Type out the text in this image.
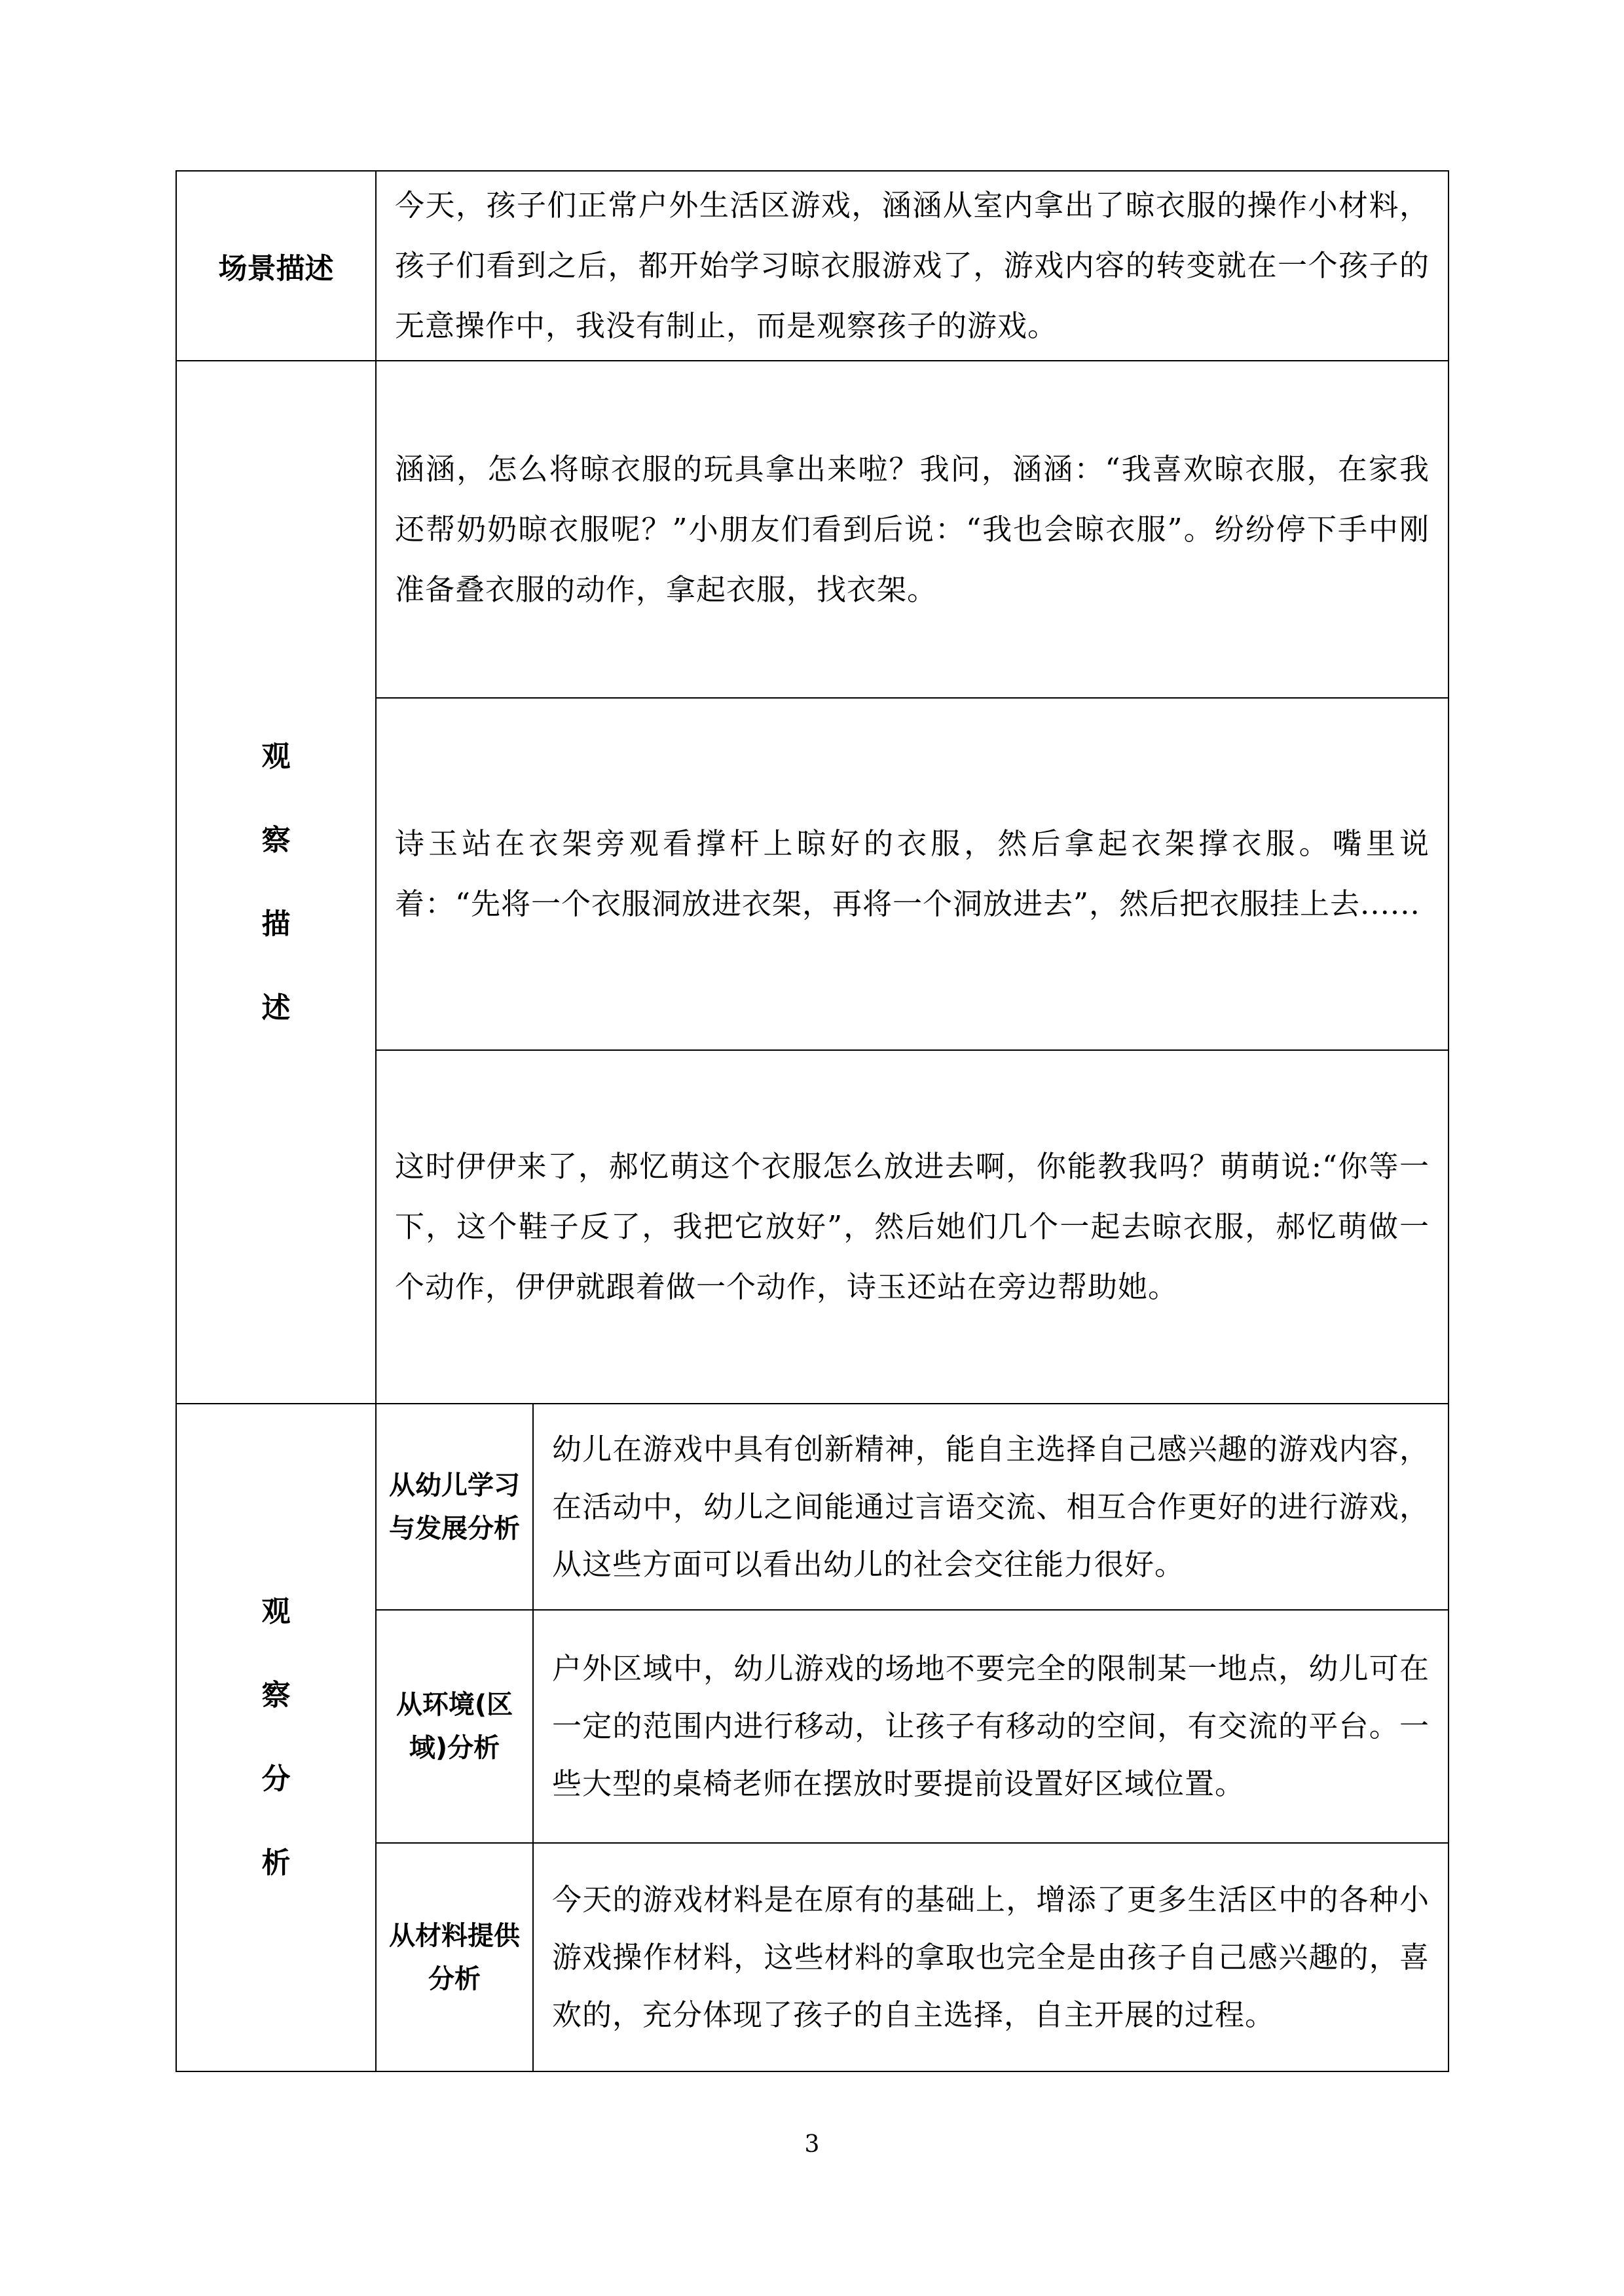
场景描述

今天，孩子们正常户外生活区游戏，涵涵从室内拿出了晾衣服的操作小材料，孩子们看到之后，都开始学习晾衣服游戏了，游戏内容的转变就在一个孩子的无意操作中，我没有制止，而是观察孩子的游戏。

观
察
描
述

涵涵，怎么将晾衣服的玩具拿出来啦？我问，涵涵：“我喜欢晾衣服，在家我还帮奶奶晾衣服呢？”小朋友们看到后说：“我也会晾衣服”。纷纷停下手中刚准备叠衣服的动作，拿起衣服，找衣架。

诗玉站在衣架旁观看撑杆上晾好的衣服，然后拿起衣架撑衣服。嘴里说着：“先将一个衣服洞放进衣架，再将一个洞放进去”，然后把衣服挂上去......

这时伊伊来了，郝忆萌这个衣服怎么放进去啊，你能教我吗？萌萌说:“你等一下，这个鞋子反了，我把它放好”，然后她们几个一起去晾衣服，郝忆萌做一个动作，伊伊就跟着做一个动作，诗玉还站在旁边帮助她。

观
察
分
析
从幼儿学习与发展分析

幼儿在游戏中具有创新精神，能自主选择自己感兴趣的游戏内容，在活动中，幼儿之间能通过言语交流、相互合作更好的进行游戏，从这些方面可以看出幼儿的社会交往能力很好。

从环境(区域)分析

户外区域中，幼儿游戏的场地不要完全的限制某一地点，幼儿可在一定的范围内进行移动，让孩子有移动的空间，有交流的平台。一些大型的桌椅老师在摆放时要提前设置好区域位置。

从材料提供分析

今天的游戏材料是在原有的基础上，增添了更多生活区中的各种小游戏操作材料，这些材料的拿取也完全是由孩子自己感兴趣的，喜欢的，充分体现了孩子的自主选择，自主开展的过程。

3
